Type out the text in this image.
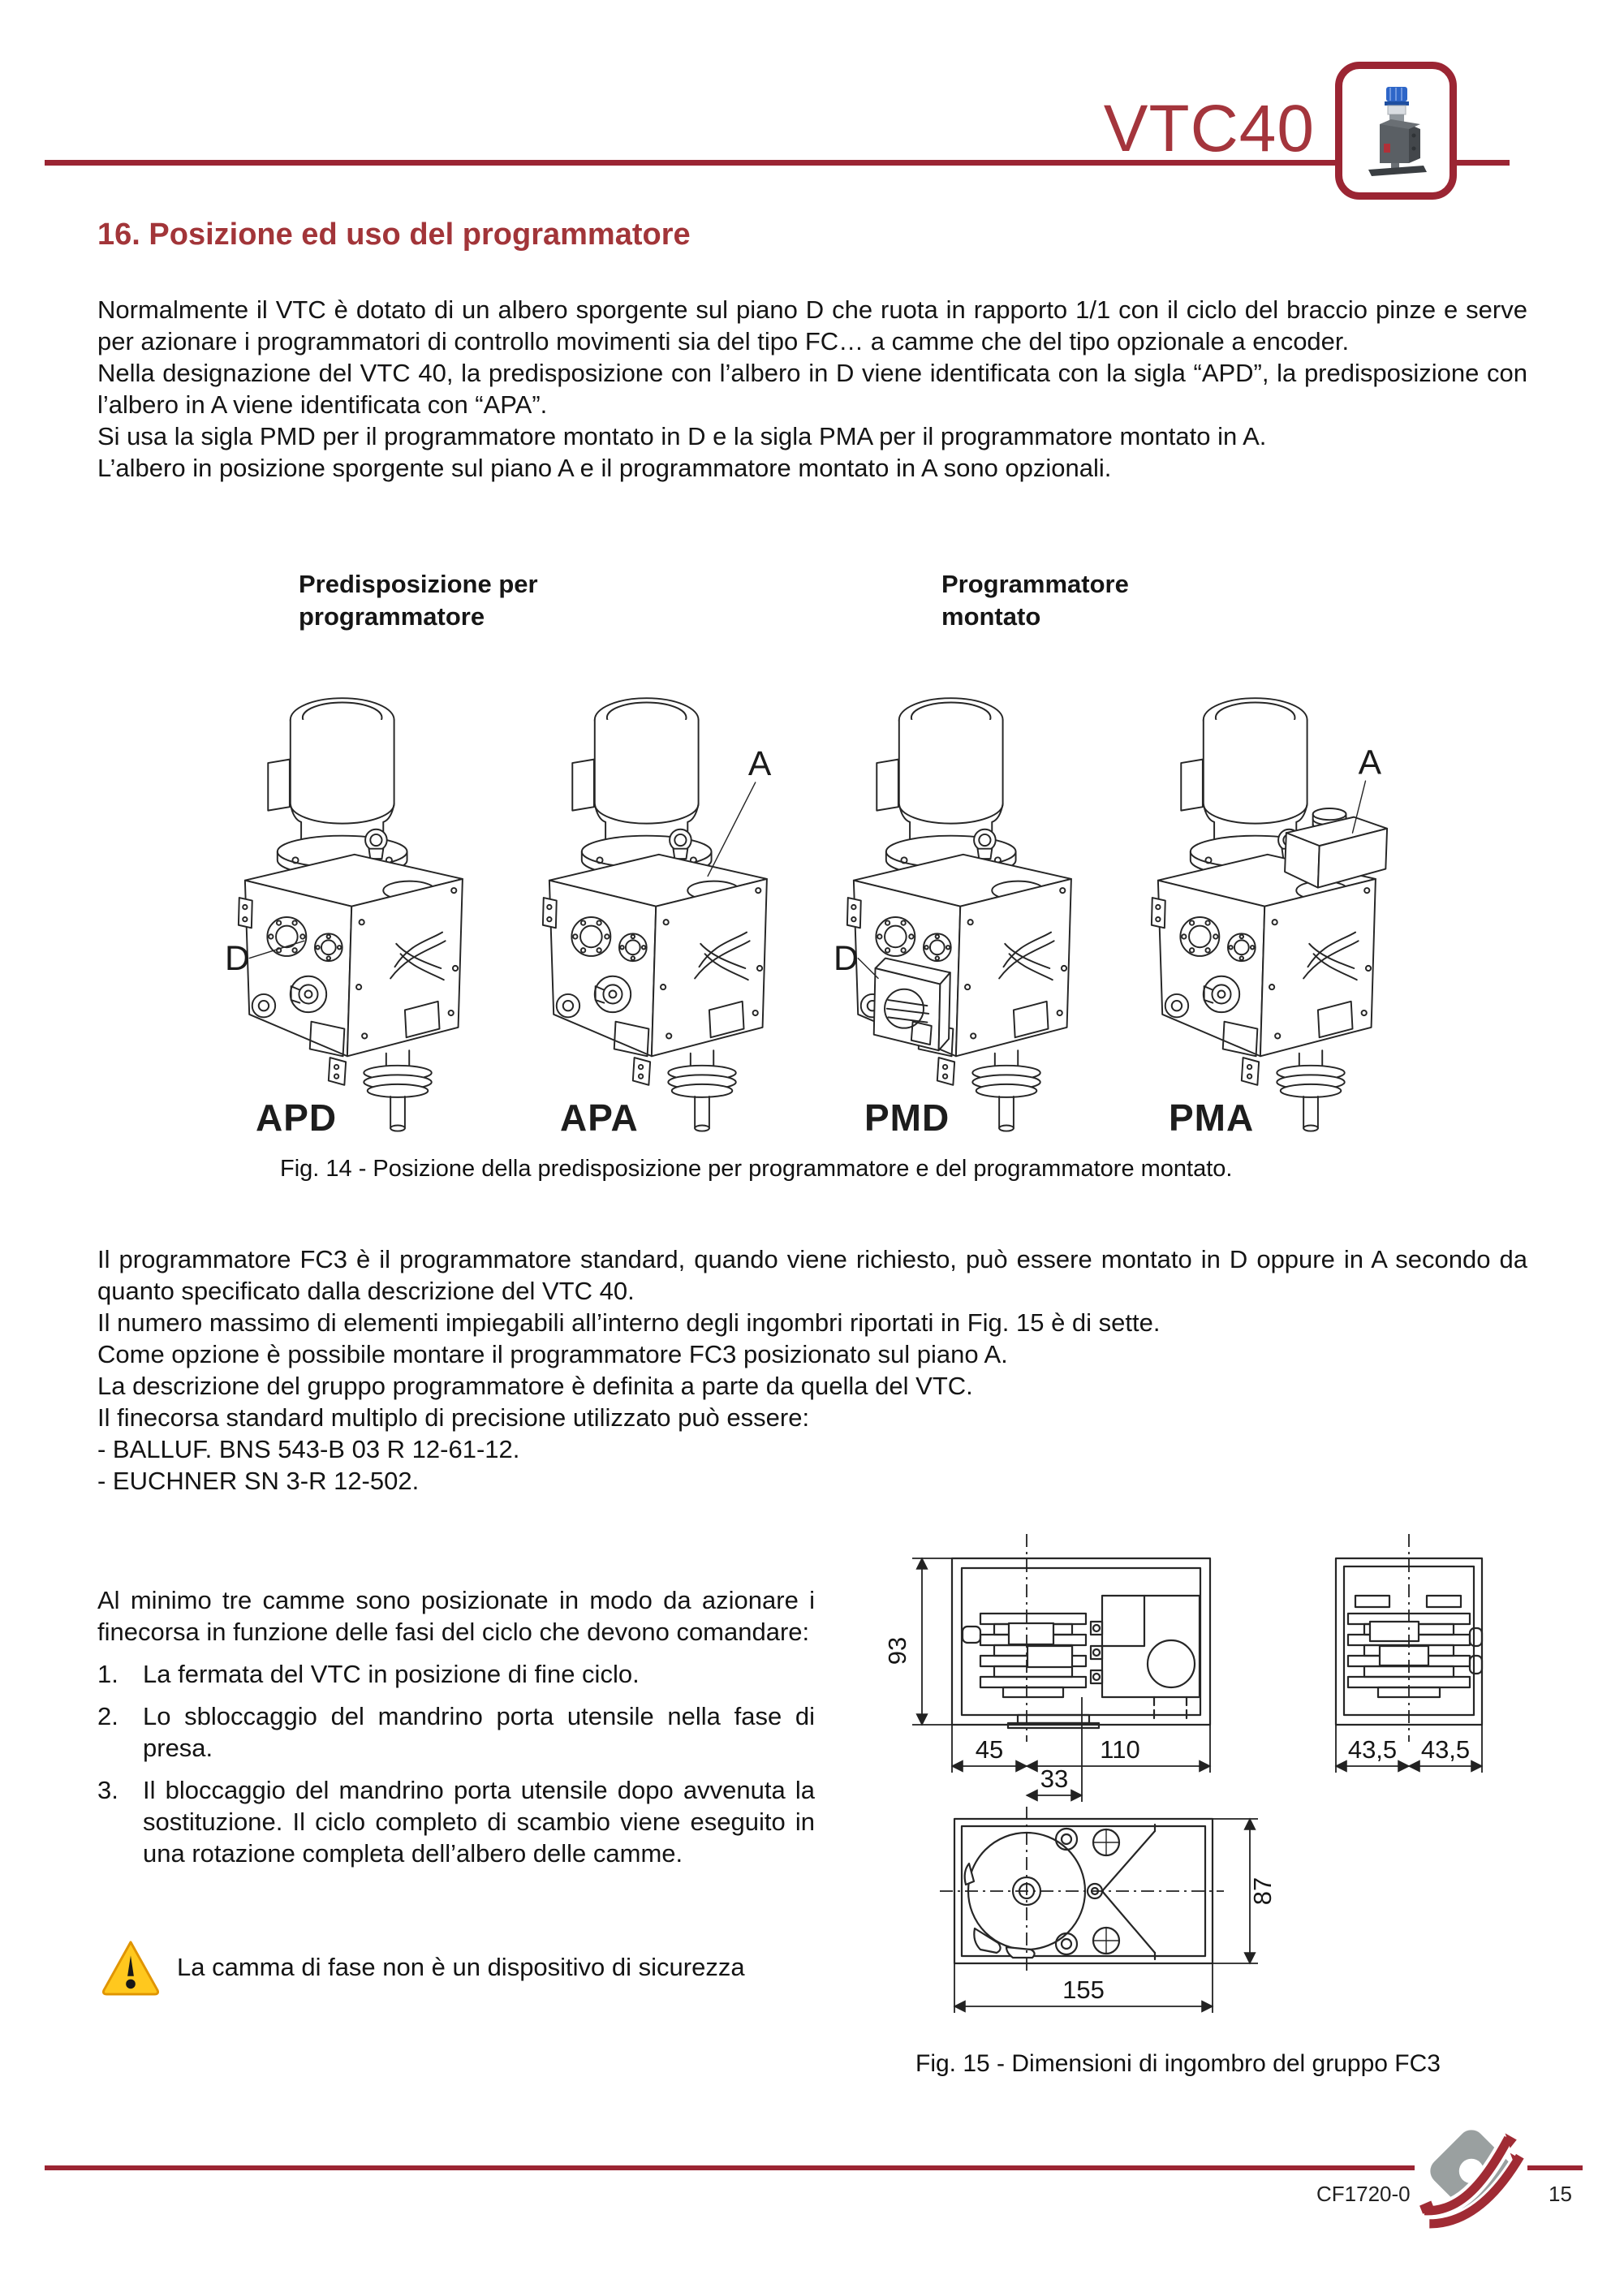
VTC40
16. Posizione ed uso del programmatore

Normalmente il VTC è dotato di un albero sporgente sul piano D che ruota in rapporto 1/1 con il ciclo del braccio pinze e serve per azionare i programmatori di controllo movimenti sia del tipo FC… a camme che del tipo opzionale a encoder.

Nella designazione del VTC 40, la predisposizione con l’albero in D viene identificata con la sigla “APD”, la predisposizione con l’albero in A viene identificata con “APA”.

Si usa la sigla PMD per il programmatore montato in D e la sigla PMA per il programmatore montato in A.

L’albero in posizione sporgente sul piano A e il programmatore montato in A sono opzionali.

Predisposizione per programmatore
Programmatore montato
D
APD
A
APA
D
PMD
A
PMA
Fig. 14 - Posizione della predisposizione per programmatore e del programmatore montato.

Il programmatore FC3 è il programmatore standard, quando viene richiesto, può essere montato in D oppure in A secondo da quanto specificato dalla descrizione del VTC 40.

Il numero massimo di elementi impiegabili all’interno degli ingombri riportati in Fig. 15 è di sette.

Come opzione è possibile montare il programmatore FC3 posizionato sul piano A.

La descrizione del gruppo programmatore è definita a parte da quella del VTC.

Il finecorsa standard multiplo di precisione utilizzato può essere:

- BALLUF. BNS 543-B 03 R 12-61-12.

- EUCHNER SN 3-R 12-502.

Al minimo tre camme sono posizionate in modo da azionare i finecorsa in funzione delle fasi del ciclo che devono comandare:

1. La fermata del VTC in posizione di fine ciclo.
2. Lo sbloccaggio del mandrino porta utensile nella fase di presa.
3. Il bloccaggio del mandrino porta utensile dopo avvenuta la sostituzione. Il ciclo completo di scambio viene eseguito in una rotazione completa dell’albero delle camme.
La camma di fase non è un dispositivo di sicurezza
93
45	110
33
43,5 43,5
87
155
Fig. 15 - Dimensioni di ingombro del gruppo FC3
CF1720-0	15
